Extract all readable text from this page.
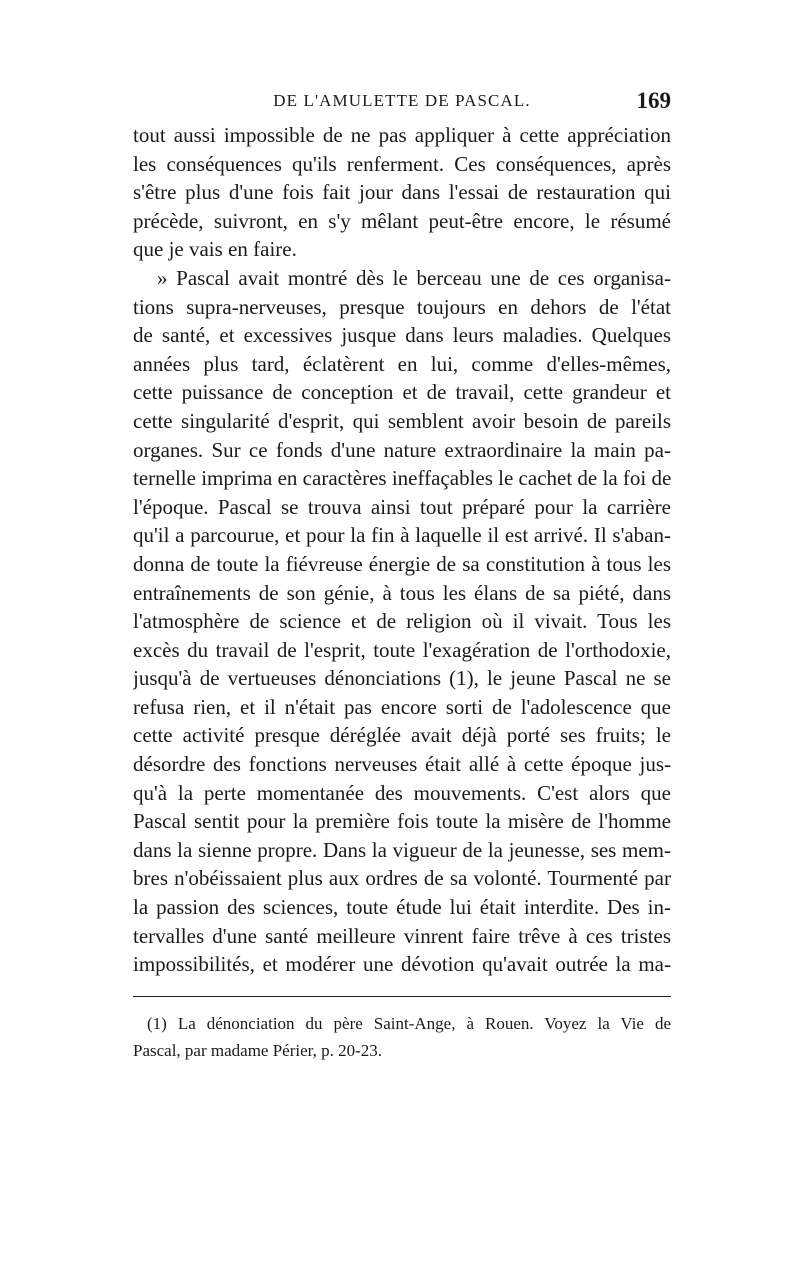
DE L'AMULETTE DE PASCAL.	169
tout aussi impossible de ne pas appliquer à cette appréciation
les conséquences qu'ils renferment. Ces conséquences, après
s'être plus d'une fois fait jour dans l'essai de restauration qui
précède, suivront, en s'y mêlant peut-être encore, le résumé
que je vais en faire.
» Pascal avait montré dès le berceau une de ces organisa-
tions supra-nerveuses, presque toujours en dehors de l'état
de santé, et excessives jusque dans leurs maladies. Quelques
années plus tard, éclatèrent en lui, comme d'elles-mêmes,
cette puissance de conception et de travail, cette grandeur et
cette singularité d'esprit, qui semblent avoir besoin de pareils
organes. Sur ce fonds d'une nature extraordinaire la main pa-
ternelle imprima en caractères ineffaçables le cachet de la foi de
l'époque. Pascal se trouva ainsi tout préparé pour la carrière
qu'il a parcourue, et pour la fin à laquelle il est arrivé. Il s'aban-
donna de toute la fiévreuse énergie de sa constitution à tous les
entraînements de son génie, à tous les élans de sa piété, dans
l'atmosphère de science et de religion où il vivait. Tous les
excès du travail de l'esprit, toute l'exagération de l'orthodoxie,
jusqu'à de vertueuses dénonciations (1), le jeune Pascal ne se
refusa rien, et il n'était pas encore sorti de l'adolescence que
cette activité presque déréglée avait déjà porté ses fruits; le
désordre des fonctions nerveuses était allé à cette époque jus-
qu'à la perte momentanée des mouvements. C'est alors que
Pascal sentit pour la première fois toute la misère de l'homme
dans la sienne propre. Dans la vigueur de la jeunesse, ses mem-
bres n'obéissaient plus aux ordres de sa volonté. Tourmenté par
la passion des sciences, toute étude lui était interdite. Des in-
tervalles d'une santé meilleure vinrent faire trêve à ces tristes
impossibilités, et modérer une dévotion qu'avait outrée la ma-
(1) La dénonciation du père Saint-Ange, à Rouen. Voyez la Vie de
Pascal, par madame Périer, p. 20-23.
